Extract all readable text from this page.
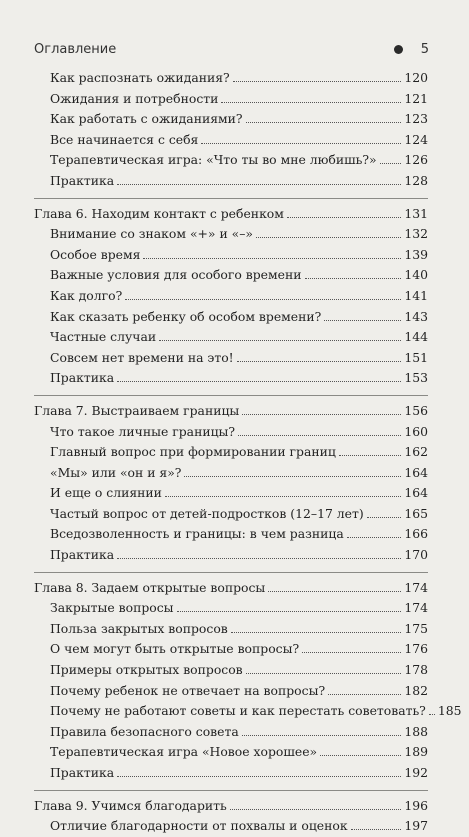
Оглавление	5
Как распознать ожидания?	120
Ожидания и потребности	121
Как работать с ожиданиями?	123
Все начинается с себя	124
Терапевтическая игра: «Что ты во мне любишь?» 126
Практика	128
Глава 6. Находим контакт с ребенком	131
Внимание со знаком «+» и «–»	132
Особое время	139
Важные условия для особого времени	140
Как долго?	141
Как сказать ребенку об особом времени?	143
Частные случаи	144
Совсем нет времени на это!	151
Практика	153
Глава 7. Выстраиваем границы	156
Что такое личные границы?	160
Главный вопрос при формировании границ	162
«Мы» или «он и я»?	164
И еще о слиянии	164
Частый вопрос от детей-подростков (12–17 лет)	165
Вседозволенность и границы: в чем разница	166
Практика	170
Глава 8. Задаем открытые вопросы	174
Закрытые вопросы	174
Польза закрытых вопросов	175
О чем могут быть открытые вопросы?	176
Примеры открытых вопросов	178
Почему ребенок не отвечает на вопросы?	182
Почему не работают советы и как перестать советовать? 185
Правила безопасного совета	188
Терапевтическая игра «Новое хорошее»	189
Практика	192
Глава 9. Учимся благодарить	196
Отличие благодарности от похвалы и оценок	197
